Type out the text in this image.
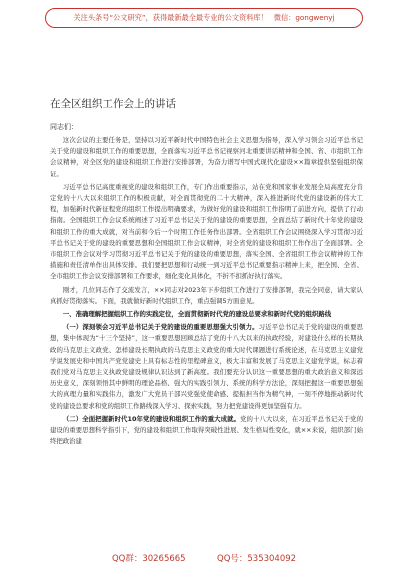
关注头条号“公文研究”，获得最新最全最专业的公文资料库！ 微信：gongwenyj
在全区组织工作会上的讲话
同志们：

这次会议的主要任务是，坚持以习近平新时代中国特色社会主义思想为指导，深入学习领会习近平总书记关于党的建设和组织工作的重要思想，全面落实习近平总书记视察河北重要讲话精神和全国、省、市组织工作会议精神，对全区党的建设和组织工作进行安排部署，为奋力谱写中国式现代化建设××篇章提供坚强组织保证。

习近平总书记高度重视党的建设和组织工作，专门作出重要指示，站在党和国家事业发展全局高度充分肯定党的十八大以来组织工作的积极贡献，对全面贯彻党的二十大精神，深入推进新时代党的建设新的伟大工程，加强新时代新征程党的组织工作提出明确要求，为做好党的建设和组织工作指明了前进方向，提供了行动指南。全国组织工作会议系统阐述了习近平总书记关于党的建设的重要思想，全面总结了新时代十年党的建设和组织工作的重大成就，对当前和今后一个时期工作任务作出部署。全省组织工作会议围绕深入学习贯彻习近平总书记关于党的建设的重要思想和全国组织工作会议精神，对全省党的建设和组织工作作出了全面部署。全市组织工作会议对学习贯彻习近平总书记关于党的建设的重要思想，落实全国、全省组织工作会议精神的工作措施和责任清单作出具体安排。我们要把思想和行动统一到习近平总书记重要指示精神上来，把全国、全省、全市组织工作会议安排部署和工作要求，细化变化具体化，不折不扣抓好执行落实。

刚才，几位同志作了交流发言，××同志对2023年下步组织工作进行了安排部署，我完全同意，请大家认真抓好贯彻落实。下面，我就做好新时代组织工作，重点强调5方面意见。

一、准确理解把握组织工作的实践定位，全面贯彻新时代党的建设总要求和新时代党的组织路线

（一）深刻领会习近平总书记关于党的建设的重要思想强大引领力。习近平总书记关于党的建设的重要思想，集中体现为“十三个坚持”，这一重要思想回顾总结了党的十八大以来的执政经验，对建设什么样的长期执政的马克思主义政党、怎样建设长期执政的马克思主义政党的重大时代课题进行系统论述，在马克思主义建党学说发展史和中国共产党党建史上具有标志性的里程碑意义，极大丰富和发展了马克思主义建党学说，标志着我们党对马克思主义执政党建设规律认识达到了新高度。我们要充分认识这一重要思想的重大政治意义和深远历史意义，深刻领悟其中鲜明的理论品格、强大的实践引领力、系统的科学方法论，深刻把握这一重要思想强大的真理力量和实践伟力，激发广大党员干部兴党强党使命感、提振担当作为精气神，一刻不停地推动新时代党的建设总要求和党的组织工作路线深入学习、探索实践，努力把党建设得更加坚强有力。

（二）全面把握新时代10年党的建设和组织工作的重大成就。党的十八大以来，在习近平总书记关于党的建设的重要思想科学指引下，党的建设和组织工作取得突破性进展、发生格局性变化，就××来说，组织部门始终把政治建

QQ群：30265665	QQ号：535304092
